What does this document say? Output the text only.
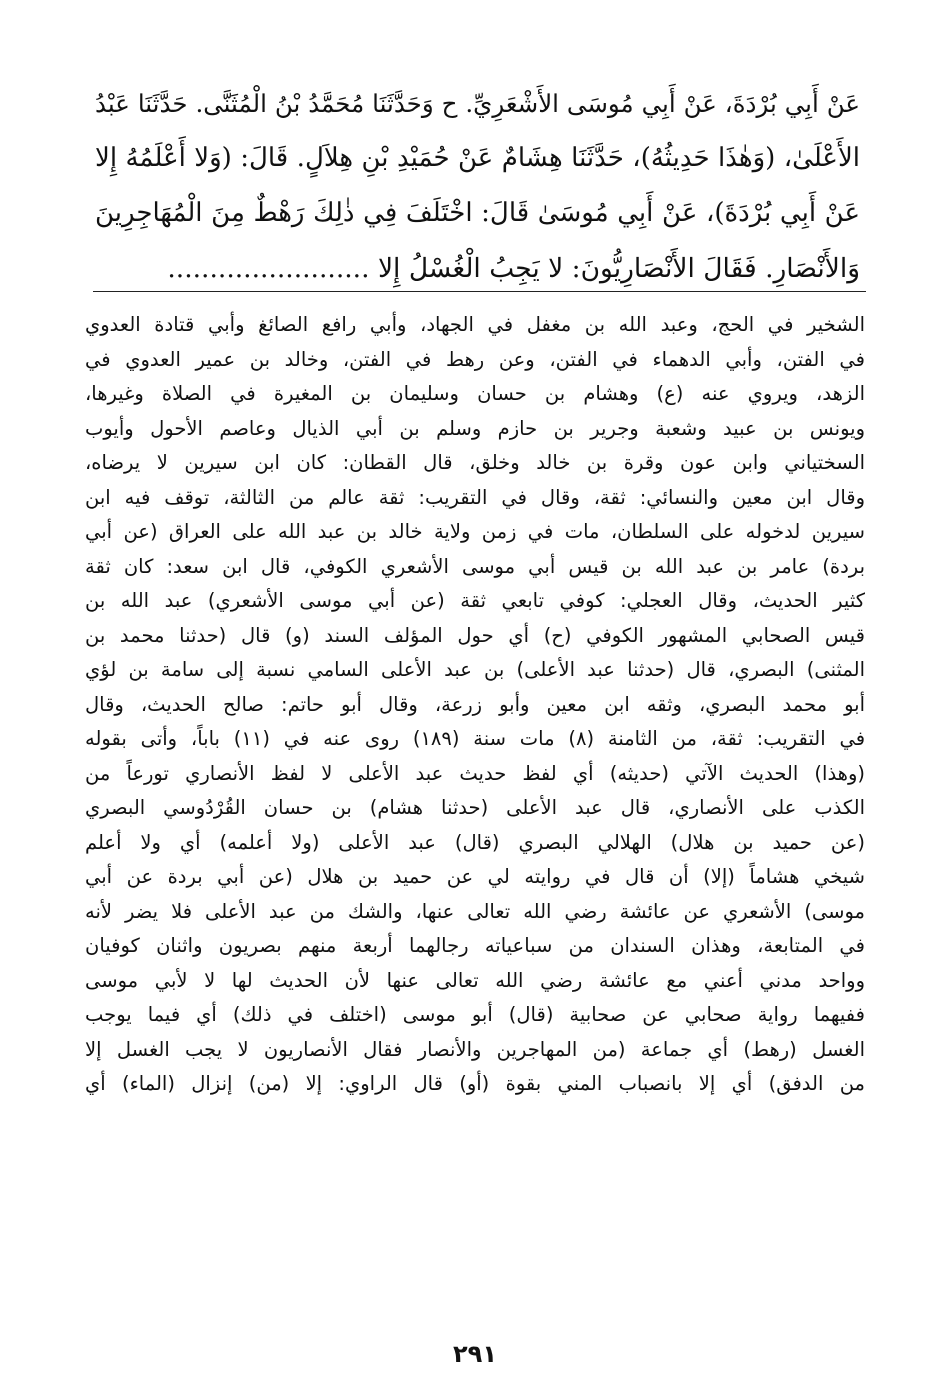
عَنْ أَبِي بُرْدَةَ، عَنْ أَبِي مُوسَى الأَشْعَرِيِّ. ح وَحَدَّثَنَا مُحَمَّدُ بْنُ الْمُثَنَّى. حَدَّثَنَا عَبْدُ
الأَعْلَىٰ، (وَهٰذَا حَدِيثُهُ)، حَدَّثَنَا هِشَامٌ عَنْ حُمَيْدِ بْنِ هِلاَلٍ. قَالَ: (وَلا أَعْلَمُهُ إِلا
عَنْ أَبِي بُرْدَةَ)، عَنْ أَبِي مُوسَىٰ قَالَ: اخْتَلَفَ فِي ذٰلِكَ رَهْطٌ مِنَ الْمُهَاجِرِينَ
وَالأَنْصَارِ. فَقَالَ الأَنْصَارِيُّونَ: لا يَجِبُ الْغُسْلُ إِلا ........................
الشخير في الحج، وعبد الله بن مغفل في الجهاد، وأبي رافع الصائغ وأبي قتادة العدوي
في الفتن، وأبي الدهماء في الفتن، وعن رهط في الفتن، وخالد بن عمير العدوي في
الزهد، ويروي عنه (ع) وهشام بن حسان وسليمان بن المغيرة في الصلاة وغيرها،
ويونس بن عبيد وشعبة وجرير بن حازم وسلم بن أبي الذيال وعاصم الأحول وأيوب
السختياني وابن عون وقرة بن خالد وخلق، قال القطان: كان ابن سيرين لا يرضاه،
وقال ابن معين والنسائي: ثقة، وقال في التقريب: ثقة عالم من الثالثة، توقف فيه ابن
سيرين لدخوله على السلطان، مات في زمن ولاية خالد بن عبد الله على العراق (عن أبي
بردة) عامر بن عبد الله بن قيس أبي موسى الأشعري الكوفي، قال ابن سعد: كان ثقة
كثير الحديث، وقال العجلي: كوفي تابعي ثقة (عن أبي موسى الأشعري) عبد الله بن
قيس الصحابي المشهور الكوفي (ح) أي حول المؤلف السند (و) قال (حدثنا محمد بن
المثنى) البصري، قال (حدثنا عبد الأعلى) بن عبد الأعلى السامي نسبة إلى سامة بن لؤي
أبو محمد البصري، وثقه ابن معين وأبو زرعة، وقال أبو حاتم: صالح الحديث، وقال
في التقريب: ثقة، من الثامنة (٨) مات سنة (١٨٩) روى عنه في (١١) باباً، وأتى بقوله
(وهذا) الحديث الآتي (حديثه) أي لفظ حديث عبد الأعلى لا لفظ الأنصاري تورعاً من
الكذب على الأنصاري، قال عبد الأعلى (حدثنا هشام) بن حسان القُرْدُوسي البصري
(عن حميد بن هلال) الهلالي البصري (قال) عبد الأعلى (ولا أعلمه) أي ولا أعلم
شيخي هشاماً (إلا) أن قال في روايته لي عن حميد بن هلال (عن أبي بردة عن أبي
موسى) الأشعري عن عائشة رضي الله تعالى عنها، والشك من عبد الأعلى فلا يضر لأنه
في المتابعة، وهذان السندان من سباعياته رجالهما أربعة منهم بصريون واثنان كوفيان
وواحد مدني أعني مع عائشة رضي الله تعالى عنها لأن الحديث لها لا لأبي موسى
ففيهما رواية صحابي عن صحابية (قال) أبو موسى (اختلف في ذلك) أي فيما يوجب
الغسل (رهط) أي جماعة (من المهاجرين والأنصار فقال الأنصاريون لا يجب الغسل إلا
من الدفق) أي إلا بانصباب المني بقوة (أو) قال الراوي: إلا (من) إنزال (الماء) أي
٢٩١
